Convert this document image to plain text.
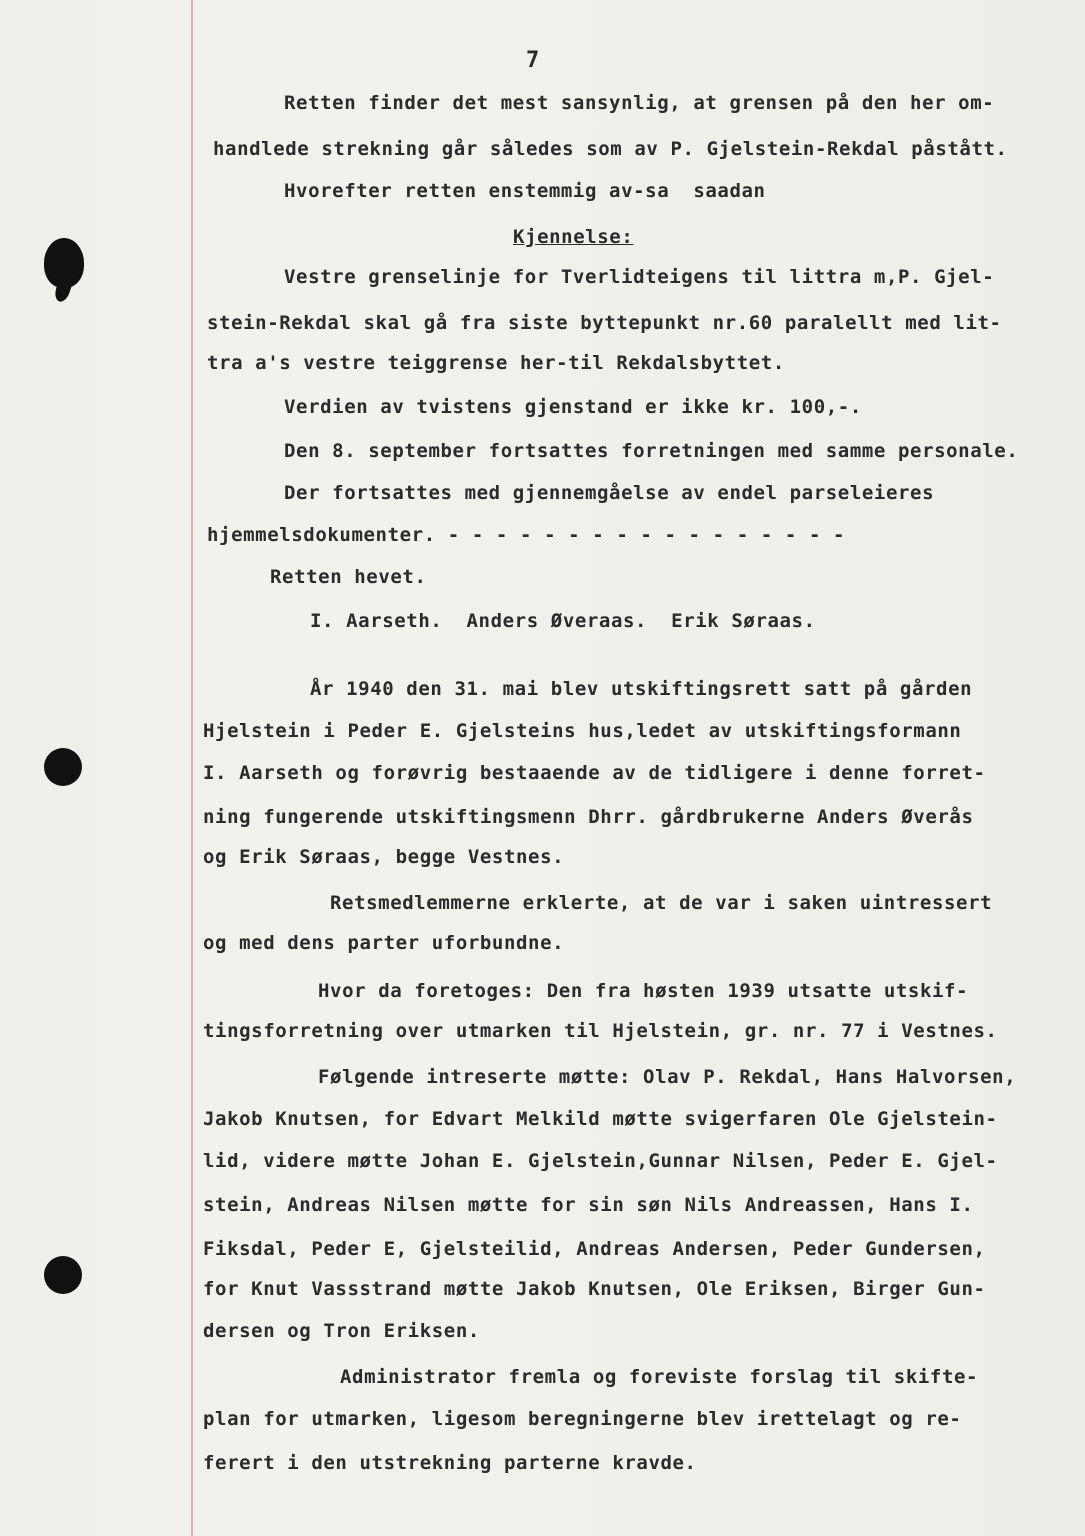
7
Retten finder det mest sansynlig, at grensen på den her om-
handlede strekning går således som av P. Gjelstein-Rekdal påstått.
Hvorefter retten enstemmig av-sa  saadan
Kjennelse:
Vestre grenselinje for Tverlidteigens til littra m,P. Gjel-
stein-Rekdal skal gå fra siste byttepunkt nr.60 paralellt med lit-
tra a's vestre teiggrense her-til Rekdalsbyttet.
Verdien av tvistens gjenstand er ikke kr. 100,-.
Den 8. september fortsattes forretningen med samme personale.
Der fortsattes med gjennemgåelse av endel parseleieres
hjemmelsdokumenter. - - - - - - - - - - - - - - - - -
Retten hevet.
I. Aarseth.  Anders Øveraas.  Erik Søraas.
År 1940 den 31. mai blev utskiftingsrett satt på gården
Hjelstein i Peder E. Gjelsteins hus,ledet av utskiftingsformann
I. Aarseth og forøvrig bestaaende av de tidligere i denne forret-
ning fungerende utskiftingsmenn Dhrr. gårdbrukerne Anders Øverås
og Erik Søraas, begge Vestnes.
Retsmedlemmerne erklerte, at de var i saken uintressert
og med dens parter uforbundne.
Hvor da foretoges: Den fra høsten 1939 utsatte utskif-
tingsforretning over utmarken til Hjelstein, gr. nr. 77 i Vestnes.
Følgende intreserte møtte: Olav P. Rekdal, Hans Halvorsen,
Jakob Knutsen, for Edvart Melkild møtte svigerfaren Ole Gjelstein-
lid, videre møtte Johan E. Gjelstein,Gunnar Nilsen, Peder E. Gjel-
stein, Andreas Nilsen møtte for sin søn Nils Andreassen, Hans I.
Fiksdal, Peder E, Gjelsteilid, Andreas Andersen, Peder Gundersen,
for Knut Vassstrand møtte Jakob Knutsen, Ole Eriksen, Birger Gun-
dersen og Tron Eriksen.
Administrator fremla og foreviste forslag til skifte-
plan for utmarken, ligesom beregningerne blev irettelagt og re-
ferert i den utstrekning parterne kravde.
